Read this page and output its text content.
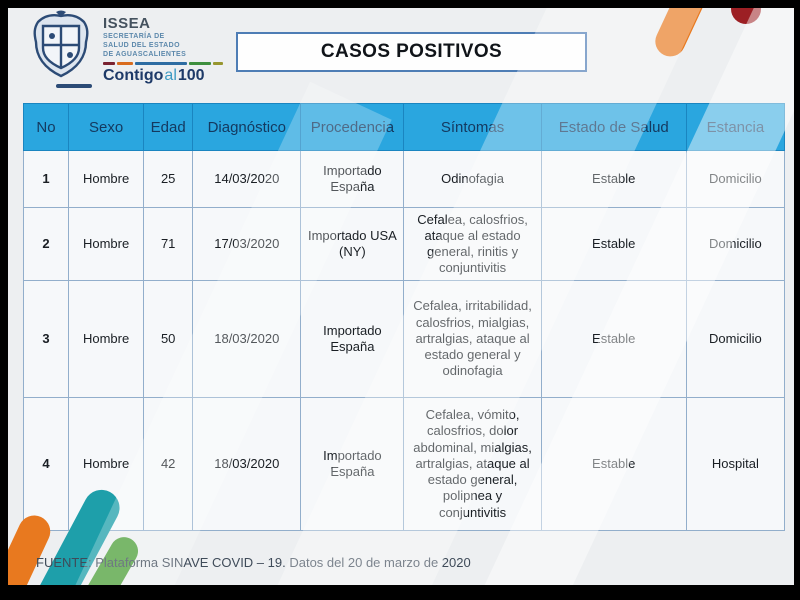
ISSEA
SECRETARÍA DE
SALUD DEL ESTADO
DE AGUASCALIENTES
Contigoal100
CASOS POSITIVOS
No	Sexo	Edad	Diagnóstico	Procedencia	Síntomas	Estado de Salud	Estancia
1	Hombre	25	14/03/2020	Importado España	Odinofagia	Estable	Domicilio
2	Hombre	71	17/03/2020	Importado USA (NY)	Cefalea, calosfrios, ataque al estado general, rinitis y conjuntivitis	Estable	Domicilio
3	Hombre	50	18/03/2020	Importado España	Cefalea, irritabilidad, calosfrios, mialgias, artralgias, ataque al estado general y odinofagia	Estable	Domicilio
4	Hombre	42	18/03/2020	Importado España	Cefalea, vómito, calosfrios, dolor abdominal, mialgias, artralgias, ataque al estado general, polipnea y conjuntivitis	Estable	Hospital
FUENTE: Plataforma SINAVE COVID – 19. Datos del 20 de marzo de 2020
